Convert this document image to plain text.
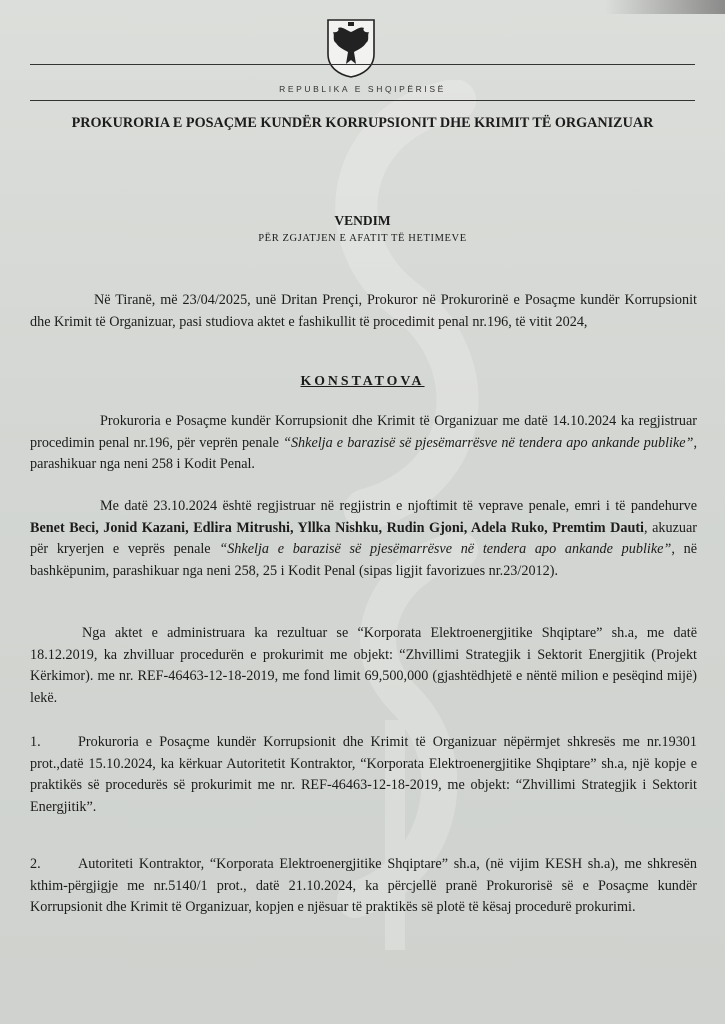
REPUBLIKA E SHQIPËRISË
PROKURORIA E POSAÇME KUNDËR KORRUPSIONIT DHE KRIMIT TË ORGANIZUAR
VENDIM
PËR ZGJATJEN E AFATIT TË HETIMEVE
Në Tiranë, më 23/04/2025, unë Dritan Prençi, Prokuror në Prokurorinë e Posaçme kundër Korrupsionit dhe Krimit të Organizuar, pasi studiova aktet e fashikullit të procedimit penal nr.196, të vitit 2024,
KONSTATOVA
Prokuroria e Posaçme kundër Korrupsionit dhe Krimit të Organizuar me datë 14.10.2024 ka regjistruar procedimin penal nr.196, për veprën penale “Shkelja e barazisë së pjesëmarrësve në tendera apo ankande publike”, parashikuar nga neni 258 i Kodit Penal.
Me datë 23.10.2024 është regjistruar në regjistrin e njoftimit të veprave penale, emri i të pandehurve Benet Beci, Jonid Kazani, Edlira Mitrushi, Yllka Nishku, Rudin Gjoni, Adela Ruko, Premtim Dauti, akuzuar për kryerjen e veprës penale “Shkelja e barazisë së pjesëmarrësve në tendera apo ankande publike”, në bashkëpunim, parashikuar nga neni 258, 25 i Kodit Penal (sipas ligjit favorizues nr.23/2012).
Nga aktet e administruara ka rezultuar se “Korporata Elektroenergjitike Shqiptare” sh.a, me datë 18.12.2019, ka zhvilluar procedurën e prokurimit me objekt: “Zhvillimi Strategjik i Sektorit Energjitik (Projekt Kërkimor). me nr. REF-46463-12-18-2019, me fond limit 69,500,000 (gjashtëdhjetë e nëntë milion e pesëqind mijë) lekë.
1.	Prokuroria e Posaçme kundër Korrupsionit dhe Krimit të Organizuar nëpërmjet shkresës me nr.19301 prot.,datë 15.10.2024, ka kërkuar Autoritetit Kontraktor, “Korporata Elektroenergjitike Shqiptare” sh.a, një kopje e praktikës së procedurës së prokurimit me nr. REF-46463-12-18-2019, me objekt: “Zhvillimi Strategjik i Sektorit Energjitik”.
2.	Autoriteti Kontraktor, “Korporata Elektroenergjitike Shqiptare” sh.a, (në vijim KESH sh.a), me shkresën kthim-përgjigje me nr.5140/1 prot., datë 21.10.2024, ka përcjellë pranë Prokurorisë së e Posaçme kundër Korrupsionit dhe Krimit të Organizuar, kopjen e njësuar të praktikës së plotë të kësaj procedurë prokurimi.
